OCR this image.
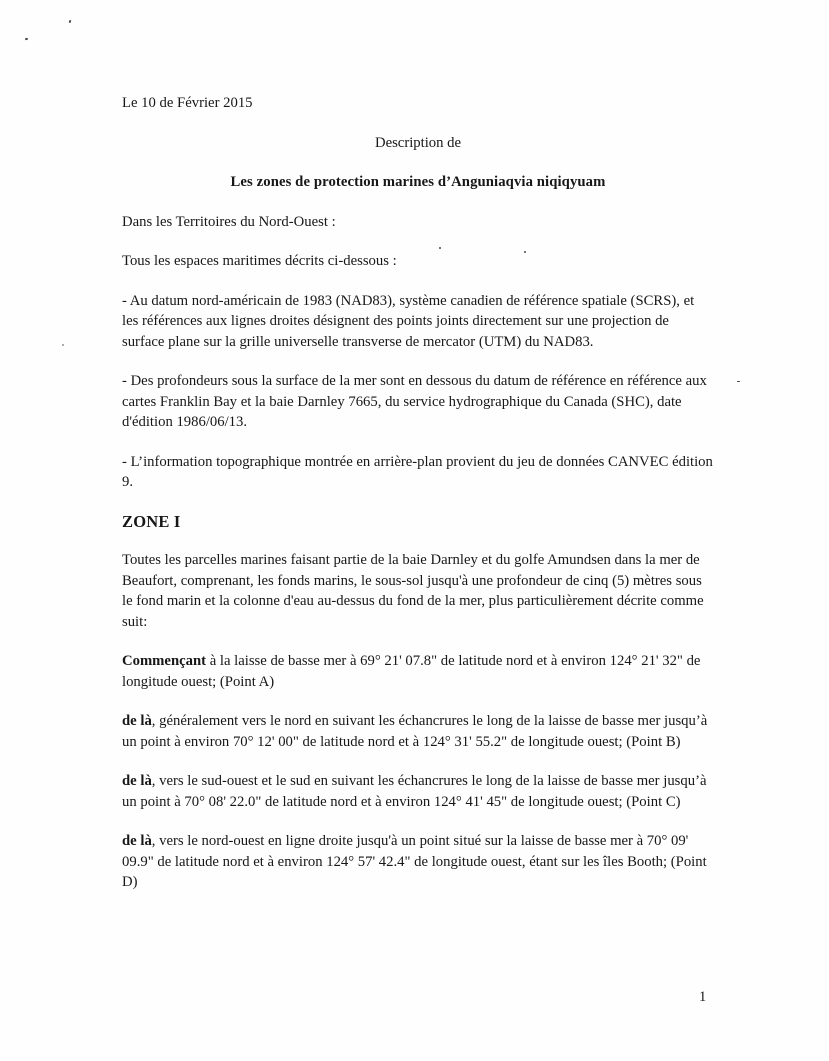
Le 10 de Février 2015

Description de

Les zones de protection marines d’Anguniaqvia niqiqyuam

Dans les Territoires du Nord-Ouest :

Tous les espaces maritimes décrits ci-dessous :

- Au datum nord-américain de 1983 (NAD83), système canadien de référence spatiale (SCRS), et les références aux lignes droites désignent des points joints directement sur une projection de surface plane sur la grille universelle transverse de mercator (UTM) du NAD83.

- Des profondeurs sous la surface de la mer sont en dessous du datum de référence en référence aux cartes Franklin Bay et la baie Darnley 7665, du service hydrographique du Canada (SHC), date d'édition 1986/06/13.

- L’information topographique montrée en arrière-plan provient du jeu de données CANVEC édition 9.

ZONE I

Toutes les parcelles marines faisant partie de la baie Darnley et du golfe Amundsen dans la mer de Beaufort, comprenant, les fonds marins, le sous-sol jusqu'à une profondeur de cinq (5) mètres sous le fond marin et la colonne d'eau au-dessus du fond de la mer, plus particulièrement décrite comme suit:

Commençant à la laisse de basse mer à 69° 21' 07.8" de latitude nord et à environ 124° 21' 32" de longitude ouest; (Point A)

de là, généralement vers le nord en suivant les échancrures le long de la laisse de basse mer jusqu’à un point à environ 70° 12' 00" de latitude nord et à 124° 31' 55.2" de longitude ouest; (Point B)

de là, vers le sud-ouest et le sud en suivant les échancrures le long de la laisse de basse mer jusqu’à un point à 70° 08' 22.0" de latitude nord et à environ 124° 41' 45" de longitude ouest; (Point C)

de là, vers le nord-ouest en ligne droite jusqu'à un point situé sur la laisse de basse mer à 70° 09' 09.9" de latitude nord et à environ 124° 57' 42.4" de longitude ouest, étant sur les îles Booth; (Point D)

1
